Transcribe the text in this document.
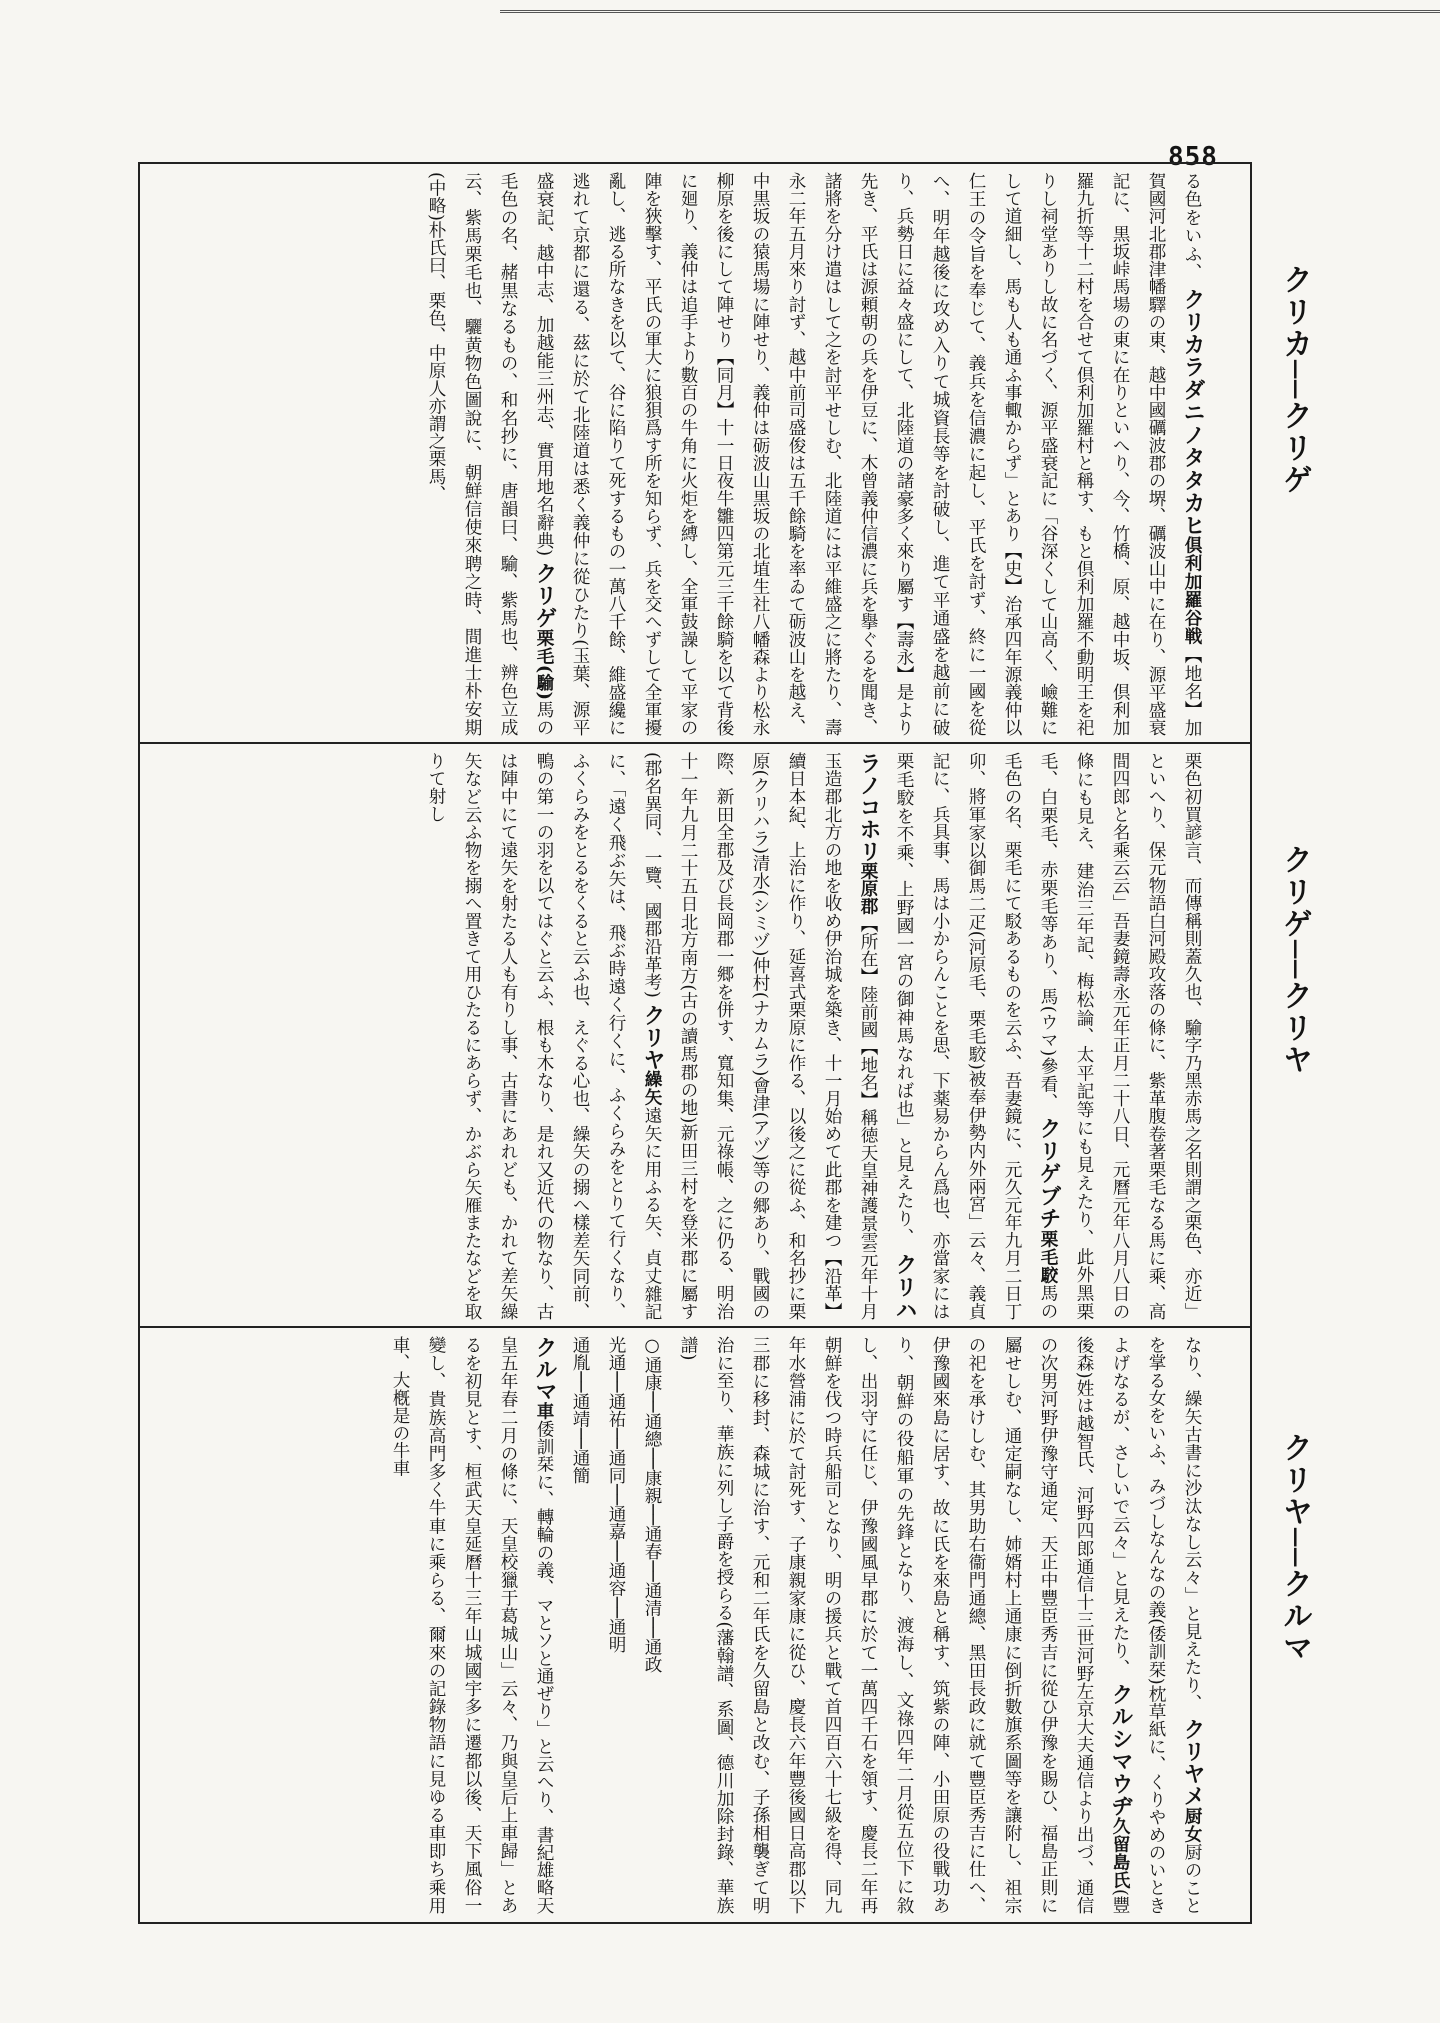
858
クリカ──クリゲ
クリゲ──クリヤ
クリヤ──クルマ
る色をいふ、 クリカラダニノタタカヒ倶利加羅谷戦【地名】加賀國河北郡津幡驛の東、越中國礪波郡の堺、礪波山中に在り、源平盛衰記に、黒坂峠馬場の東に在りといへり、今、竹橋、原、越中坂、倶利加羅九折等十二村を合せて倶利加羅村と稱す、もと倶利加羅不動明王を祀りし祠堂ありし故に名づく、源平盛衰記に「谷深くして山高く、嶮難にして道細し、馬も人も通ふ事輙からず」とあり【史】治承四年源義仲以仁王の令旨を奉じて、義兵を信濃に起し、平氏を討ず、終に一國を從へ、明年越後に攻め入りて城資長等を討破し、進て平通盛を越前に破り、兵勢日に益々盛にして、北陸道の諸豪多く來り屬す【壽永】是より先き、平氏は源頼朝の兵を伊豆に、木曾義仲信濃に兵を擧ぐるを聞き、諸將を分け遣はして之を討平せしむ、北陸道には平維盛之に將たり、壽永二年五月來り討ず、越中前司盛俊は五千餘騎を率ゐて砺波山を越え、中黒坂の猿馬場に陣せり、義仲は砺波山黒坂の北埴生社八幡森より松永柳原を後にして陣せり【同月】十一日夜牛雛四第元三千餘騎を以て背後に廻り、義仲は追手より數百の牛角に火炬を縛し、全軍鼓譟して平家の陣を狹擊す、平氏の軍大に狼狽爲す所を知らず、兵を交へずして全軍擾亂し、逃る所なきを以て、谷に陷りて死するもの一萬八千餘、維盛纔に逃れて京都に還る、茲に於て北陸道は悉く義仲に從ひたり(玉葉、源平盛衰記、越中志、加越能三州志、實用地名辭典) クリゲ栗毛(騟)馬の毛色の名、赭黒なるもの、和名抄に、唐韻曰、騟、紫馬也、辨色立成云、紫馬栗毛也、驪黄物色圖說に、朝鮮信使來聘之時、間進士朴安期(中略)朴氏曰、栗色、中原人亦謂之栗馬、
栗色初買諺言、而傳稱則蓋久也、騟字乃黑赤馬之名則謂之栗色、亦近」といへり、保元物語白河殿攻落の條に、紫革腹卷著栗毛なる馬に乘、高間四郎と名乘云云」吾妻鏡壽永元年正月二十八日、元曆元年八月八日の條にも見え、建治三年記、梅松論、太平記等にも見えたり、此外黑栗毛、白栗毛、赤栗毛等あり、馬(ウマ)參看、 クリゲブチ栗毛駮馬の毛色の名、栗毛にて駁あるものを云ふ、吾妻鏡に、元久元年九月二日丁卯、將軍家以御馬二疋(河原毛、栗毛駮)被奉伊勢内外兩宮」云々、義貞記に、兵具事、馬は小からんことを思、下薬易からん爲也、亦當家には栗毛駮を不乘、上野國一宮の御神馬なれば也」と見えたり、 クリハラノコホリ栗原郡【所在】陸前國【地名】稱徳天皇神護景雲元年十月玉造郡北方の地を收め伊治城を築き、十一月始めて此郡を建つ【沿革】續日本紀、上治に作り、延喜式栗原に作る、以後之に從ふ、和名抄に栗原(クリハラ)清水(シミヅ)仲村(ナカムラ)會津(アヅ)等の郷あり、戰國の際、新田全郡及び長岡郡一郷を併す、寬知集、元祿帳、之に仍る、明治十一年九月二十五日北方南方(古の讀馬郡の地)新田三村を登米郡に屬す(郡名異同、一覽、國郡沿革考) クリヤ繰矢遠矢に用ふる矢、貞丈雜記に、「遠く飛ぶ矢は、飛ぶ時遠く行くに、ふくらみをとりて行くなり、ふくらみをとるをくると云ふ也、えぐる心也、繰矢の搦へ樣差矢同前、鴨の第一の羽を以てはぐと云ふ、根も木なり、是れ又近代の物なり、古は陣中にて遠矢を射たる人も有りし事、古書にあれども、かれて差矢繰矢など云ふ物を搦へ置きて用ひたるにあらず、かぶら矢雁またなどを取りて射し
なり、繰矢古書に沙汰なし云々」と見えたり、 クリヤメ厨女厨のことを掌る女をいふ、みづしなんなの義(倭訓栞)枕草紙に、くりやめのいときよげなるが、さしいで云々」と見えたり、 クルシマウヂ久留島氏(豐後森)姓は越智氏、河野四郎通信十三世河野左京大夫通信より出づ、通信の次男河野伊豫守通定、天正中豐臣秀吉に從ひ伊豫を賜ひ、福島正則に屬せしむ、通定嗣なし、姉婿村上通康に倒折數旗系圖等を讓附し、祖宗の祀を承けしむ、其男助右衞門通總、黑田長政に就て豐臣秀吉に仕へ、伊豫國來島に居す、故に氏を來島と稱す、筑紫の陣、小田原の役戰功あり、朝鮮の役船軍の先鋒となり、渡海し、文祿四年二月從五位下に敘し、出羽守に任じ、伊豫國風早郡に於て一萬四千石を領す、慶長二年再朝鮮を伐つ時兵船司となり、明の援兵と戰て首四百六十七級を得、同九年水營浦に於て討死す、子康親家康に從ひ、慶長六年豐後國日高郡以下三郡に移封、森城に治す、元和二年氏を久留島と改む、子孫相襲ぎて明治に至り、華族に列し子爵を授らる(藩翰譜、系圖、德川加除封錄、華族譜)
○通康──通總──康親──通春──通清──通政
光通──通祐──通同──通嘉──通容──通明
通胤──通靖──通簡
クルマ車倭訓栞に、轉輪の義、マとソと通ぜり」と云へり、書紀雄略天皇五年春二月の條に、天皇校獵于葛城山」云々、乃與皇后上車歸」とあるを初見とす、桓武天皇延曆十三年山城國宇多に遷都以後、天下風俗一變し、貴族高門多く牛車に乘らる、爾來の記錄物語に見ゆる車即ち乘用車、大槪是の牛車
